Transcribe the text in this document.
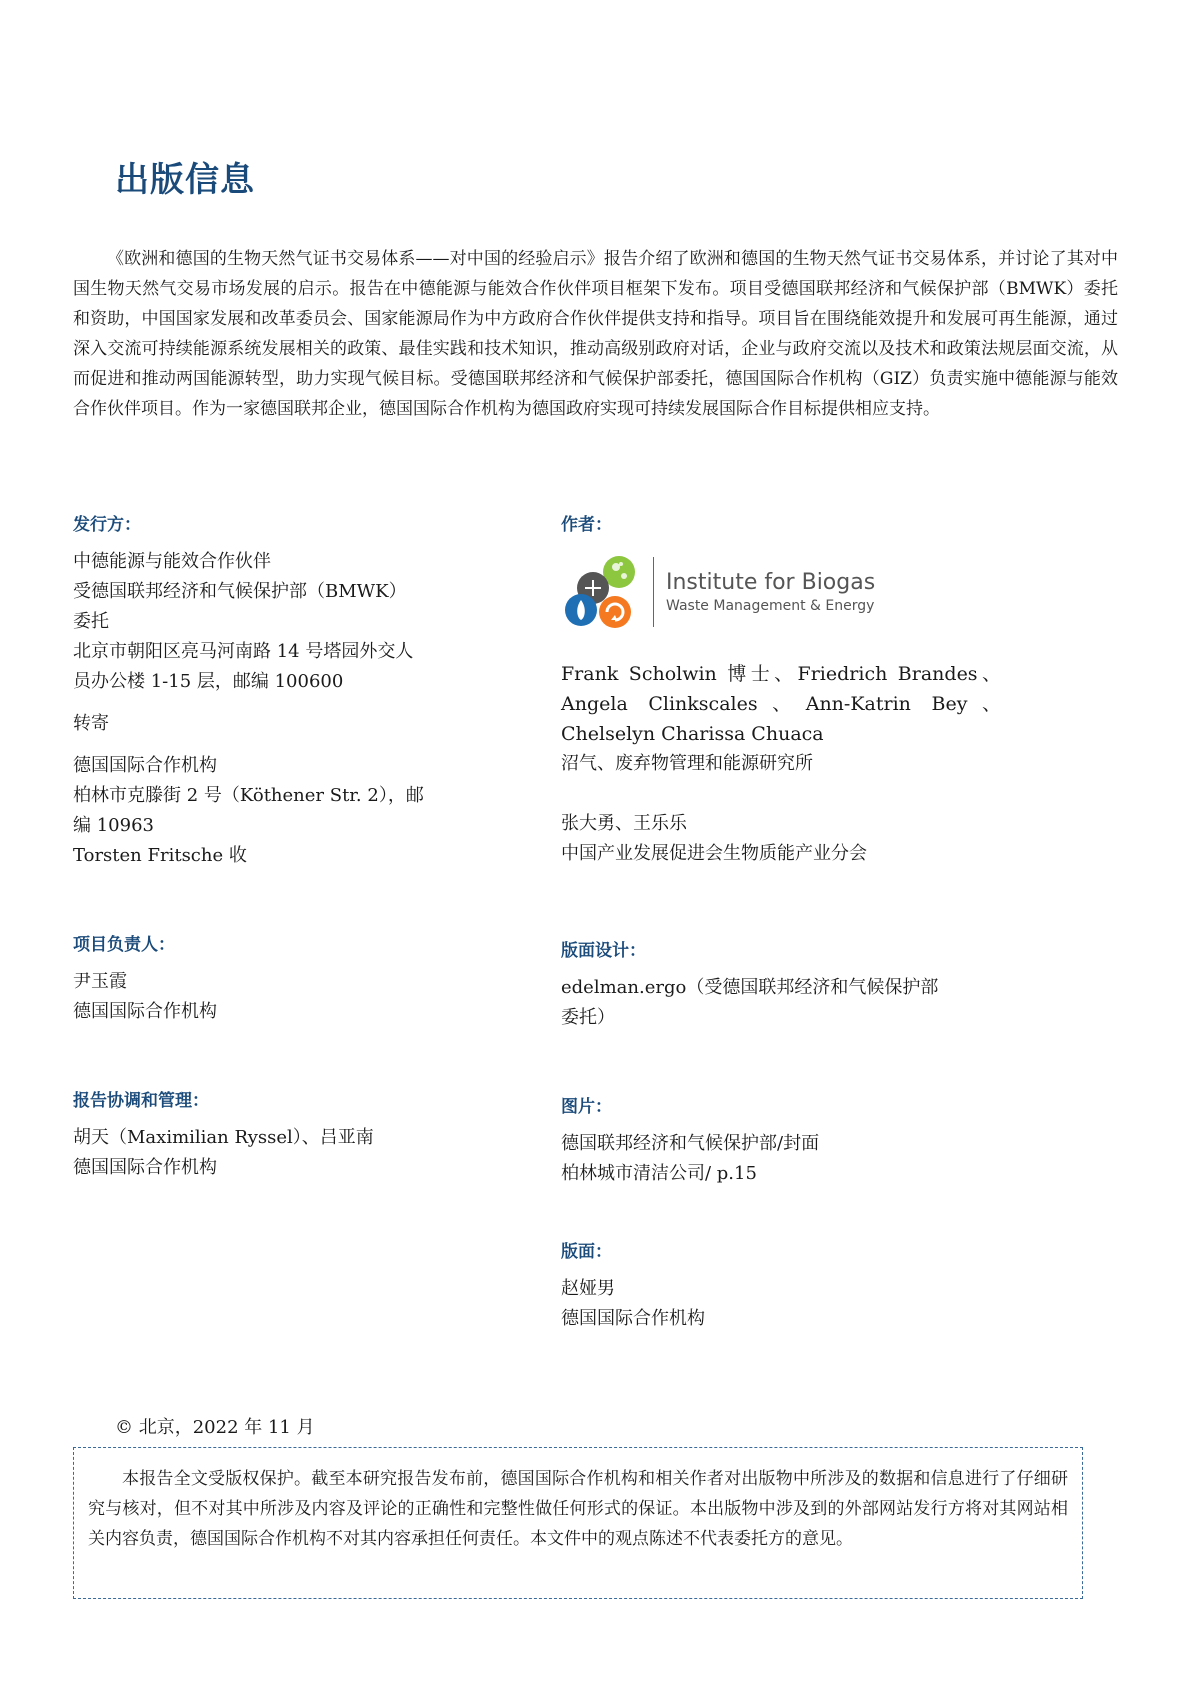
出版信息

《欧洲和德国的生物天然气证书交易体系——对中国的经验启示》报告介绍了欧洲和德国的生物天然气证书交易体系，并讨论了其对中国生物天然气交易市场发展的启示。报告在中德能源与能效合作伙伴项目框架下发布。项目受德国联邦经济和气候保护部（BMWK）委托和资助，中国国家发展和改革委员会、国家能源局作为中方政府合作伙伴提供支持和指导。项目旨在围绕能效提升和发展可再生能源，通过深入交流可持续能源系统发展相关的政策、最佳实践和技术知识，推动高级别政府对话，企业与政府交流以及技术和政策法规层面交流，从而促进和推动两国能源转型，助力实现气候目标。受德国联邦经济和气候保护部委托，德国国际合作机构（GIZ）负责实施中德能源与能效合作伙伴项目。作为一家德国联邦企业，德国国际合作机构为德国政府实现可持续发展国际合作目标提供相应支持。

发行方：
中德能源与能效合作伙伴
受德国联邦经济和气候保护部（BMWK）
委托
北京市朝阳区亮马河南路 14 号塔园外交人
员办公楼 1-15 层，邮编 100600
转寄
德国国际合作机构
柏林市克滕街 2 号（Köthener Str. 2），邮
编 10963
Torsten Fritsche 收
项目负责人：
尹玉霞
德国国际合作机构
报告协调和管理：
胡天（Maximilian Ryssel）、吕亚南
德国国际合作机构
作者：
Institute for Biogas
Waste Management & Energy
Frank Scholwin 博士、Friedrich Brandes、Angela Clinkscales、Ann-Katrin Bey、Chelselyn Charissa Chuaca
沼气、废弃物管理和能源研究所
张大勇、王乐乐
中国产业发展促进会生物质能产业分会
版面设计：
edelman.ergo（受德国联邦经济和气候保护部
委托）
图片：
德国联邦经济和气候保护部/封面
柏林城市清洁公司/ p.15
版面：
赵娅男
德国国际合作机构
© 北京，2022 年 11 月

本报告全文受版权保护。截至本研究报告发布前，德国国际合作机构和相关作者对出版物中所涉及的数据和信息进行了仔细研究与核对，但不对其中所涉及内容及评论的正确性和完整性做任何形式的保证。本出版物中涉及到的外部网站发行方将对其网站相关内容负责，德国国际合作机构不对其内容承担任何责任。本文件中的观点陈述不代表委托方的意见。
